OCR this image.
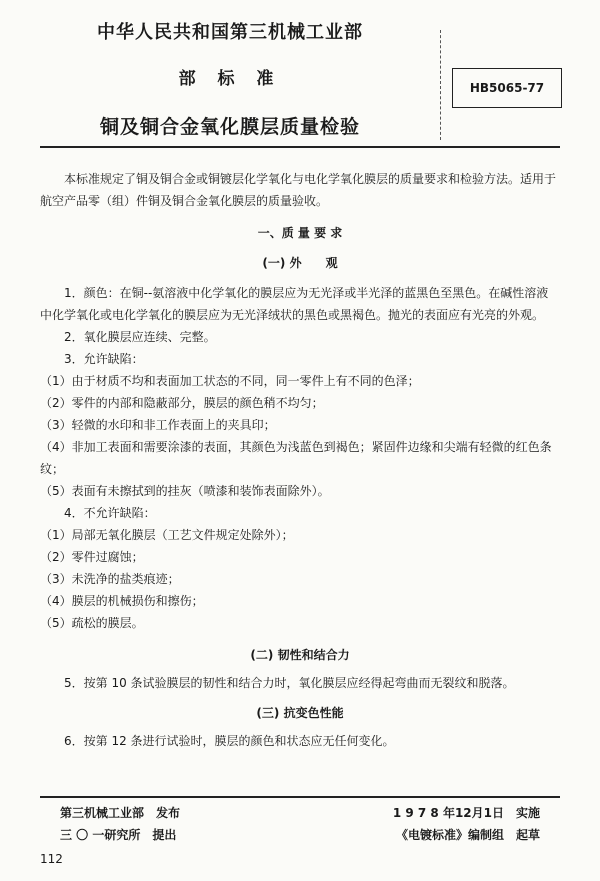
中华人民共和国第三机械工业部
部 标 准
铜及铜合金氧化膜层质量检验
HB5065-77

本标准规定了铜及铜合金或铜镀层化学氧化与电化学氧化膜层的质量要求和检验方法。适用于航空产品零（组）件铜及铜合金氧化膜层的质量验收。

一、质 量 要 求

(一) 外　　观

1．颜色：在铜--氨溶液中化学氧化的膜层应为无光泽或半光泽的蓝黑色至黑色。在碱性溶液中化学氧化或电化学氧化的膜层应为无光泽绒状的黑色或黑褐色。抛光的表面应有光亮的外观。

2．氧化膜层应连续、完整。

3．允许缺陷：

（1）由于材质不均和表面加工状态的不同，同一零件上有不同的色泽；

（2）零件的内部和隐蔽部分，膜层的颜色稍不均匀；

（3）轻微的水印和非工作表面上的夹具印；

（4）非加工表面和需要涂漆的表面，其颜色为浅蓝色到褐色；紧固件边缘和尖端有轻微的红色条纹；

（5）表面有未擦拭到的挂灰（喷漆和装饰表面除外）。

4．不允许缺陷：

（1）局部无氧化膜层（工艺文件规定处除外）；

（2）零件过腐蚀；

（3）未洗净的盐类痕迹；

（4）膜层的机械损伤和擦伤；

（5）疏松的膜层。

(二) 韧性和结合力

5．按第 10 条试验膜层的韧性和结合力时，氧化膜层应经得起弯曲而无裂纹和脱落。

(三) 抗变色性能

6．按第 12 条进行试验时，膜层的颜色和状态应无任何变化。

第三机械工业部　发布	1 9 7 8 年12月1日　实施
三 〇 一研究所　提出	《电镀标准》编制组　起草
112
